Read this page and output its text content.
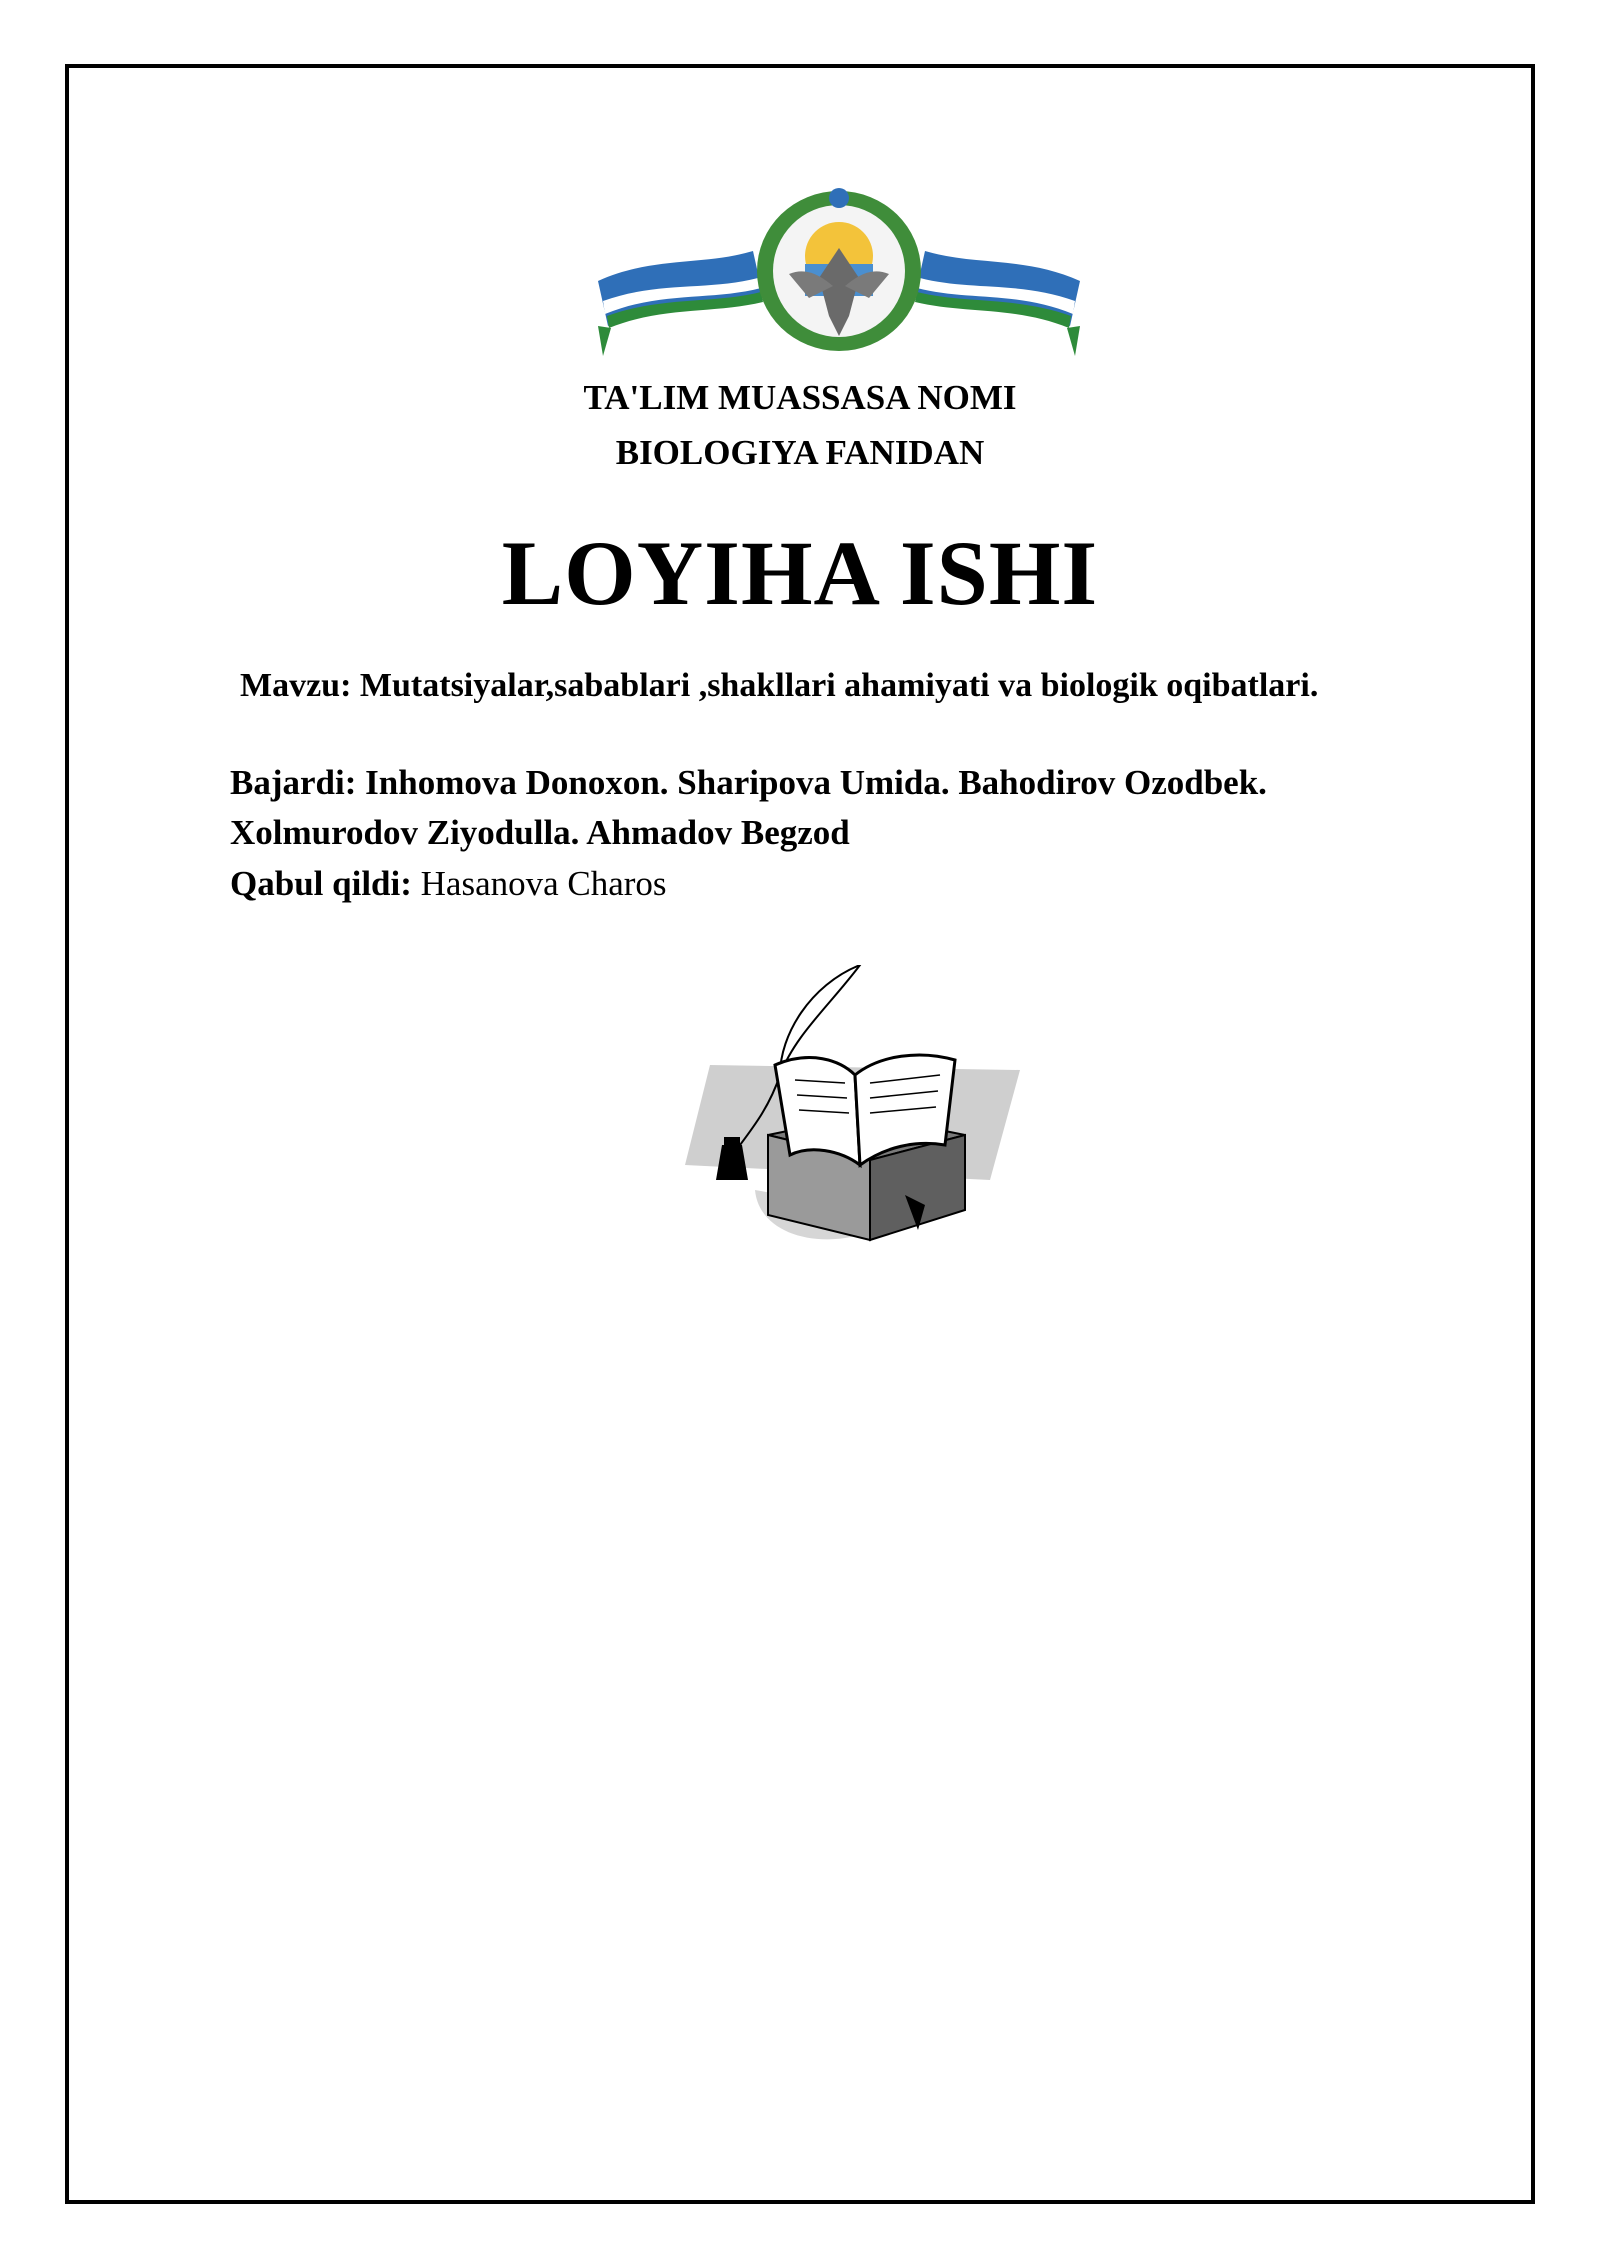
TA'LIM MUASSASA NOMI
BIOLOGIYA FANIDAN
LOYIHA ISHI
Mavzu: Mutatsiyalar,sabablari ,shakllari ahamiyati va biologik oqibatlari.
Bajardi: Inhomova Donoxon. Sharipova Umida. Bahodirov Ozodbek.
Xolmurodov Ziyodulla. Ahmadov Begzod
Qabul qildi: Hasanova Charos
